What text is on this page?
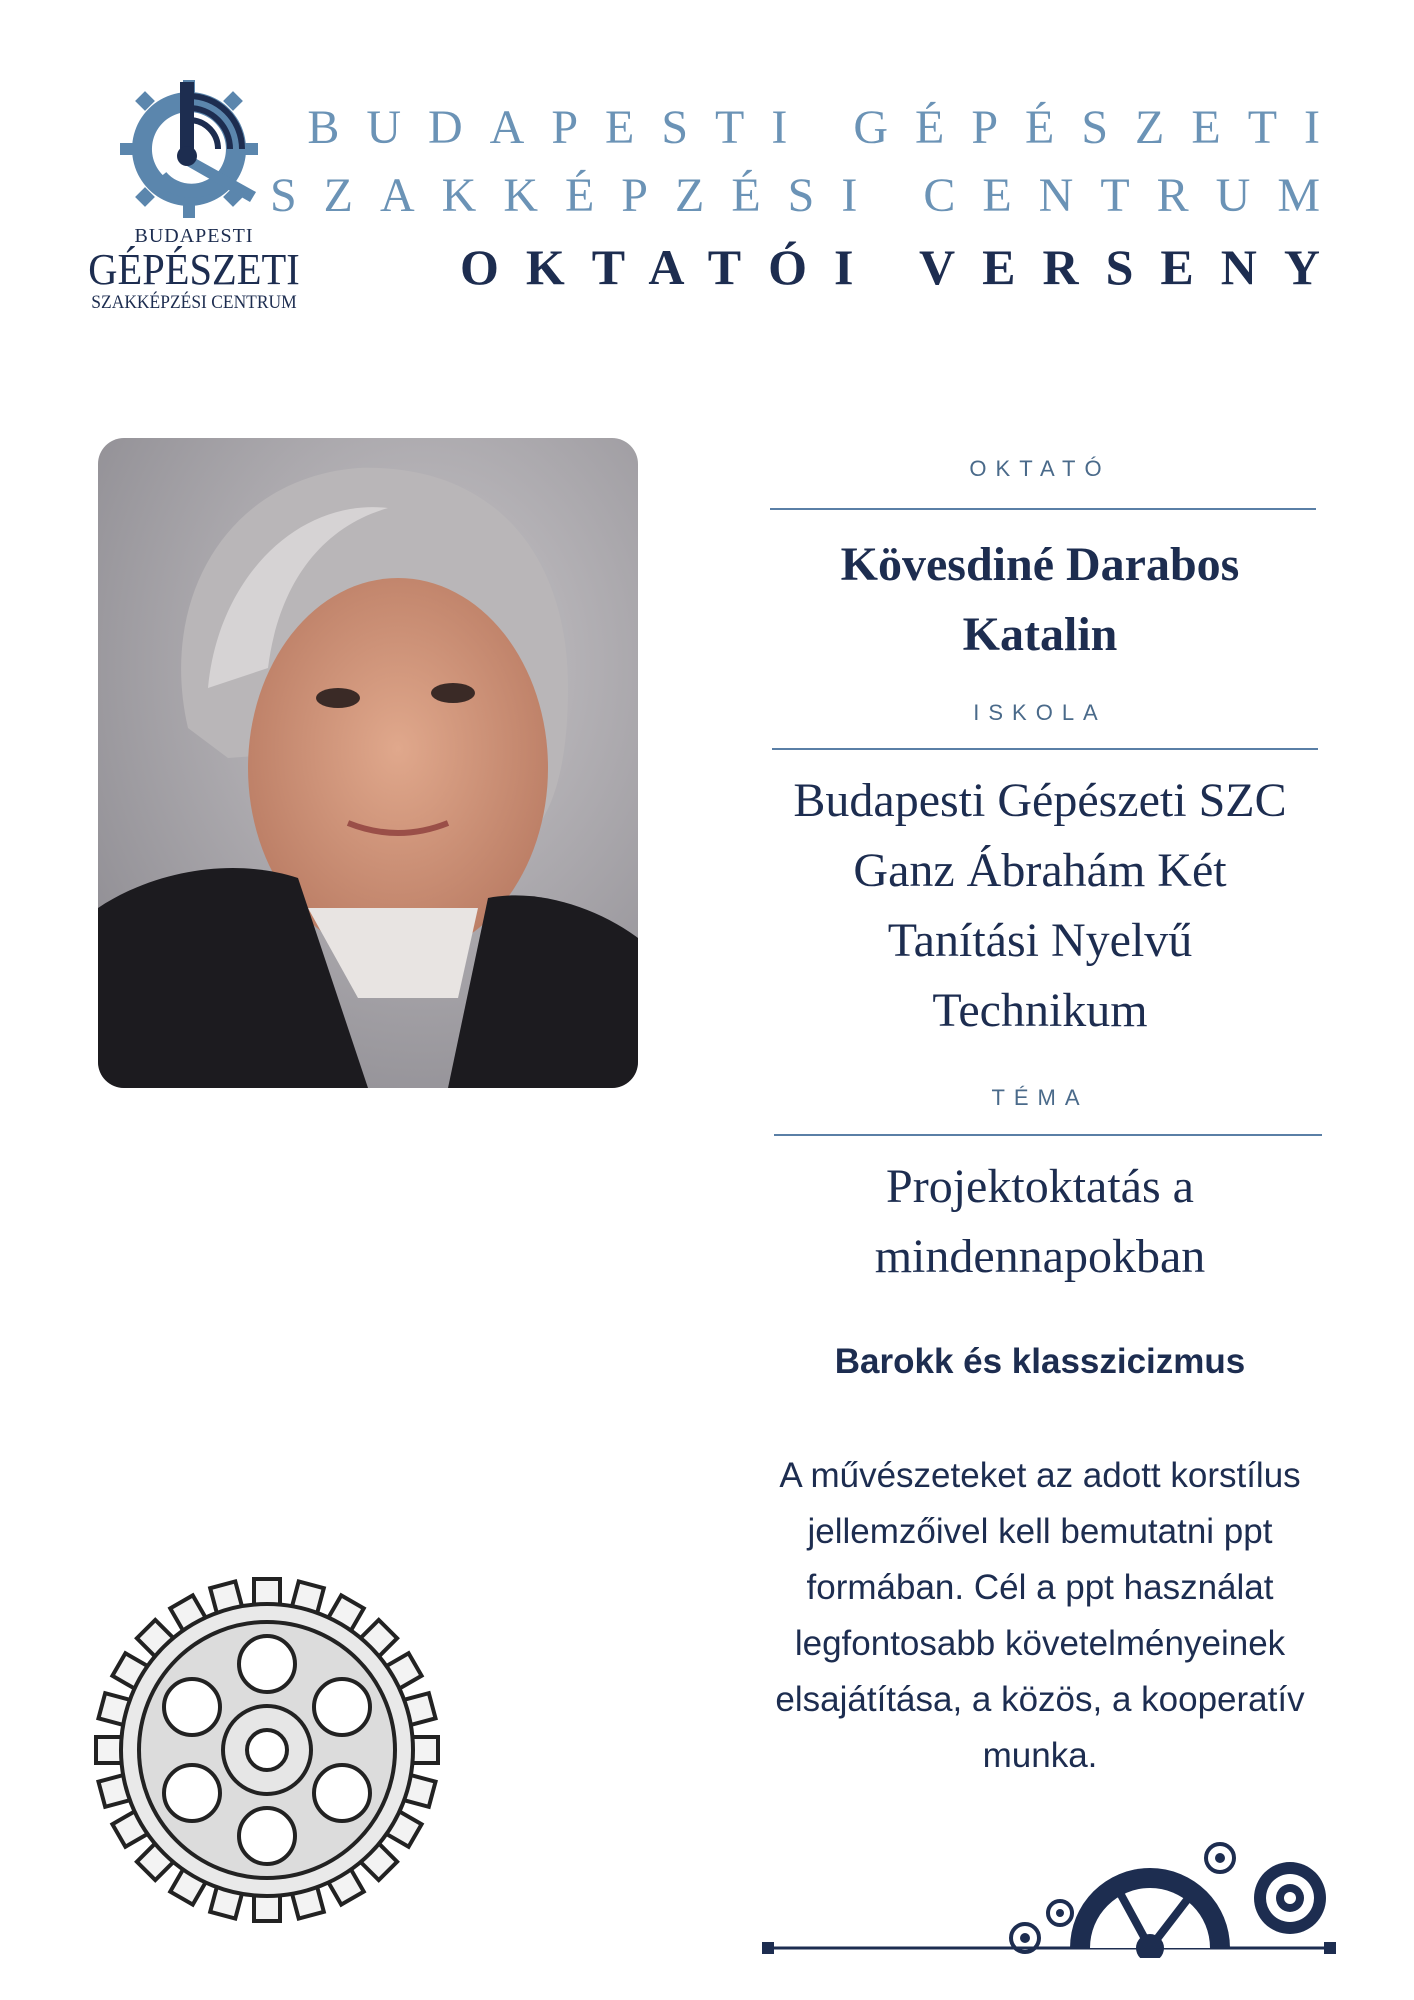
BUDAPESTI
GÉPÉSZETI
SZAKKÉPZÉSI CENTRUM
BUDAPESTI GÉPÉSZETI
SZAKKÉPZÉSI CENTRUM
OKTATÓI VERSENY
OKTATÓ
Kövesdiné Darabos
Katalin
ISKOLA
Budapesti Gépészeti SZC
Ganz Ábrahám Két
Tanítási Nyelvű
Technikum
TÉMA
Projektoktatás a
mindennapokban
Barokk és klasszicizmus
A művészeteket az adott korstílus
jellemzőivel kell bemutatni ppt
formában. Cél a ppt használat
legfontosabb követelményeinek
elsajátítása, a közös, a kooperatív
munka.
